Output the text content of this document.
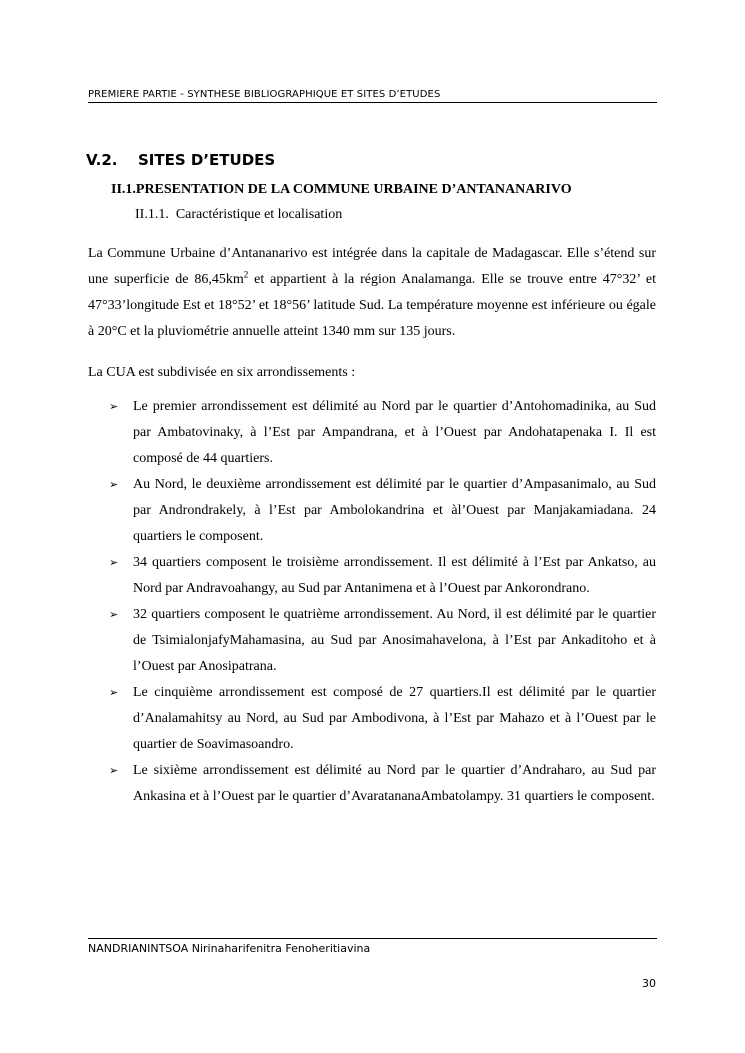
PREMIERE PARTIE - SYNTHESE BIBLIOGRAPHIQUE ET SITES D’ETUDES
V.2. SITES D’ETUDES
II.1.PRESENTATION DE LA COMMUNE URBAINE D’ANTANANARIVO
II.1.1. Caractéristique et localisation

La Commune Urbaine d’Antananarivo est intégrée dans la capitale de Madagascar. Elle s’étend sur une superficie de $86,45km^2$ et appartient à la région Analamanga. Elle se trouve entre 47°32’ et 47°33’longitude Est et 18°52’ et 18°56’ latitude Sud. La température moyenne est inférieure ou égale à 20°C et la pluviométrie annuelle atteint 1340 mm sur 135 jours.

La CUA est subdivisée en six arrondissements :

➢ Le premier arrondissement est délimité au Nord par le quartier d’Antohomadinika, au Sud par Ambatovinaky, à l’Est par Ampandrana, et à l’Ouest par Andohatapenaka I. Il est composé de 44 quartiers.
➢ Au Nord, le deuxième arrondissement est délimité par le quartier d’Ampasanimalo, au Sud par Androndrakely, à l’Est par Ambolokandrina et àl’Ouest par Manjakamiadana. 24 quartiers le composent.
➢ 34 quartiers composent le troisième arrondissement. Il est délimité à l’Est par Ankatso, au Nord par Andravoahangy, au Sud par Antanimena et à l’Ouest par Ankorondrano.
➢ 32 quartiers composent le quatrième arrondissement. Au Nord, il est délimité par le quartier de TsimialonjafyMahamasina, au Sud par Anosimahavelona, à l’Est par Ankaditoho et à l’Ouest par Anosipatrana.
➢ Le cinquième arrondissement est composé de 27 quartiers.Il est délimité par le quartier d’Analamahitsy au Nord, au Sud par Ambodivona, à l’Est par Mahazo et à l’Ouest par le quartier de Soavimasoandro.
➢ Le sixième arrondissement est délimité au Nord par le quartier d’Andraharo, au Sud par Ankasina et à l’Ouest par le quartier d’AvaratananaAmbatolampy. 31 quartiers le composent.
NANDRIANINTSOA Nirinaharifenitra Fenoheritiavina
30
